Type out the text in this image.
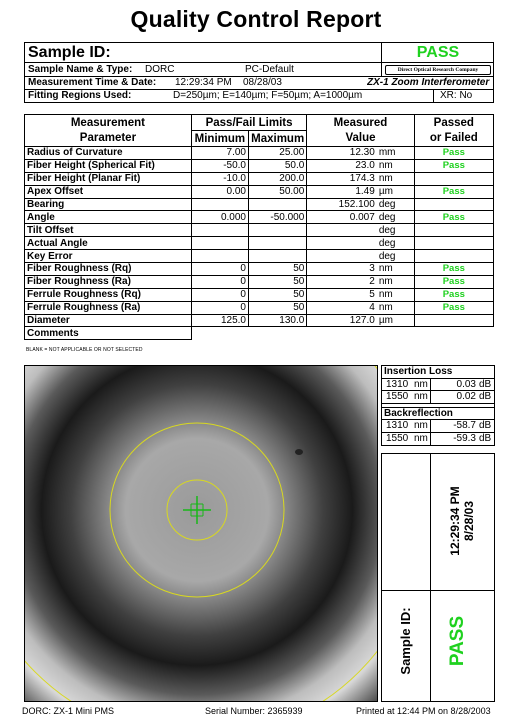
Quality Control Report
Sample ID:	PASS
Sample Name & Type:	DORC	PC-Default	Direct Optical Research Company
Measurement Time & Date:	12:29:34 PM	08/28/03	ZX-1 Zoom Interferometer
Fitting Regions Used:	D=250µm; E=140µm; F=50µm; A=1000µm	XR: No
Measurement	Pass/Fail Limits		Measured		Passed
Parameter	Minimum	Maximum	Value		or Failed
Radius of Curvature	7.00	25.00	12.30	mm	Pass
Fiber Height (Spherical Fit)	-50.0	50.0	23.0	nm	Pass
Fiber Height (Planar Fit)	-10.0	200.0	174.3	nm	
Apex Offset	0.00	50.00	1.49	µm	Pass
Bearing			152.100	deg	
Angle	0.000	-50.000	0.007	deg	Pass
Tilt Offset				deg	
Actual Angle				deg	
Key Error				deg	
Fiber Roughness (Rq)	0	50	3	nm	Pass
Fiber Roughness (Ra)	0	50	2	nm	Pass
Ferrule Roughness (Rq)	0	50	5	nm	Pass
Ferrule Roughness (Ra)	0	50	4	nm	Pass
Diameter	125.0	130.0	127.0	µm	
Comments					
BLANK = NOT APPLICABLE OR NOT SELECTED
Insertion Loss
1310 nm	0.03 dB
1550 nm	0.02 dB
Backreflection
1310 nm	-58.7 dB
1550 nm	-59.3 dB
12:29:34 PM 8/28/03
Sample ID: PASS
DORC: ZX-1 Mini PMS	Serial Number: 2365939	Printed at 12:44 PM on 8/28/2003
